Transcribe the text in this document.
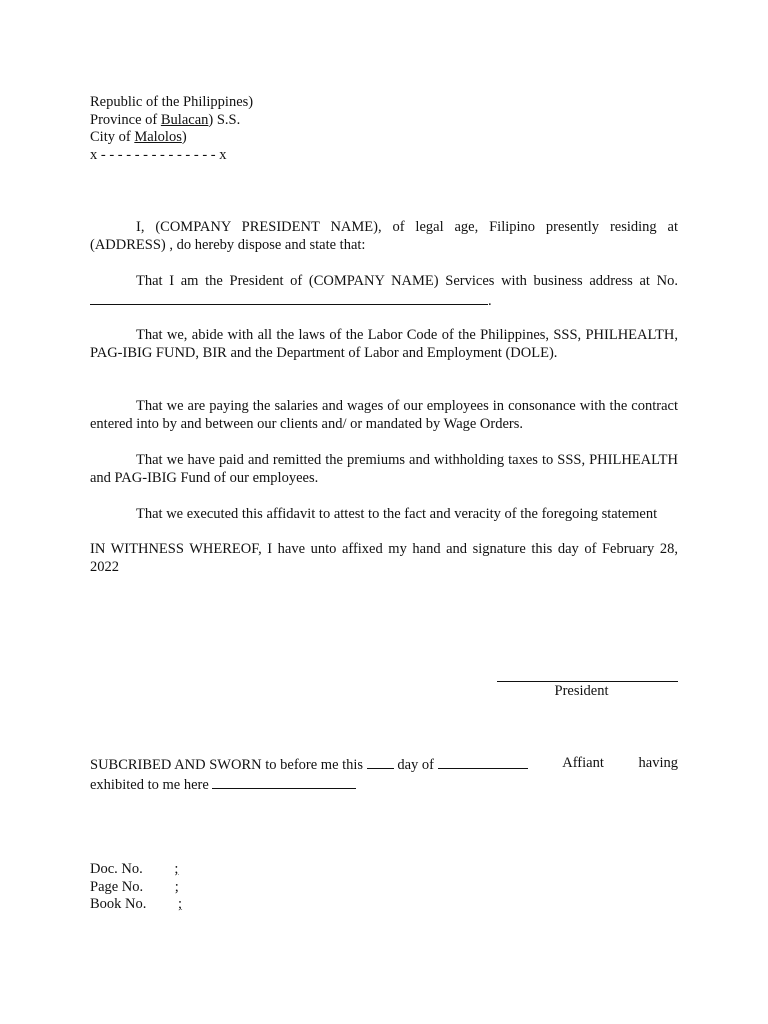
Republic of the Philippines)
Province of Bulacan) S.S.
City of Malolos)
x - - - - - - - - - - - - - - x
I, (COMPANY PRESIDENT NAME), of legal age, Filipino presently residing at (ADDRESS) , do hereby dispose and state that:
That I am the President of (COMPANY NAME) Services with business address at No.
.
That we, abide with all the laws of the Labor Code of the Philippines, SSS, PHILHEALTH, PAG-IBIG FUND, BIR and the Department of Labor and Employment (DOLE).
That we are paying the salaries and wages of our employees in consonance with the contract entered into by and between our clients and/ or mandated by Wage Orders.
That we have paid and remitted the premiums and withholding taxes to SSS, PHILHEALTH and PAG-IBIG Fund of our employees.
That we executed this affidavit to attest to the fact and veracity of the foregoing statement
IN WITHNESS WHEREOF, I have unto affixed my hand and signature this day of February 28, 2022
President
SUBCRIBED AND SWORN to before me this day of	Affiant having
exhibited to me here
Doc. No. ;
Page No. ;
Book No. ;
